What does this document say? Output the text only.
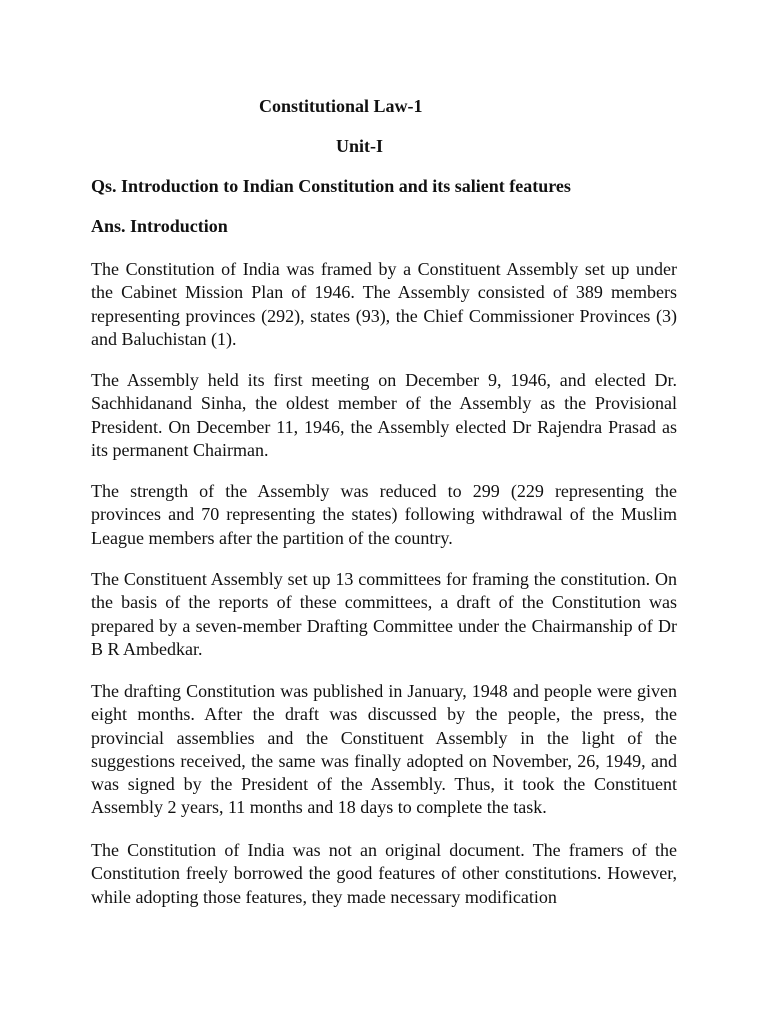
Constitutional Law-1
Unit-I
Qs. Introduction to Indian Constitution and its salient features
Ans. Introduction

The Constitution of India was framed by a Constituent Assembly set up under the Cabinet Mission Plan of 1946. The Assembly consisted of 389 members representing provinces (292), states (93), the Chief Commissioner Provinces (3) and Baluchistan (1).

The Assembly held its first meeting on December 9, 1946, and elected Dr. Sachhidanand Sinha, the oldest member of the Assembly as the Provisional President. On December 11, 1946, the Assembly elected Dr Rajendra Prasad as its permanent Chairman.

The strength of the Assembly was reduced to 299 (229 representing the provinces and 70 representing the states) following withdrawal of the Muslim League members after the partition of the country.

The Constituent Assembly set up 13 committees for framing the constitution. On the basis of the reports of these committees, a draft of the Constitution was prepared by a seven-member Drafting Committee under the Chairmanship of Dr B R Ambedkar.

The drafting Constitution was published in January, 1948 and people were given eight months. After the draft was discussed by the people, the press, the provincial assemblies and the Constituent Assembly in the light of the suggestions received, the same was finally adopted on November, 26, 1949, and was signed by the President of the Assembly. Thus, it took the Constituent Assembly 2 years, 11 months and 18 days to complete the task.

The Constitution of India was not an original document. The framers of the Constitution freely borrowed the good features of other constitutions. However, while adopting those features, they made necessary modification
